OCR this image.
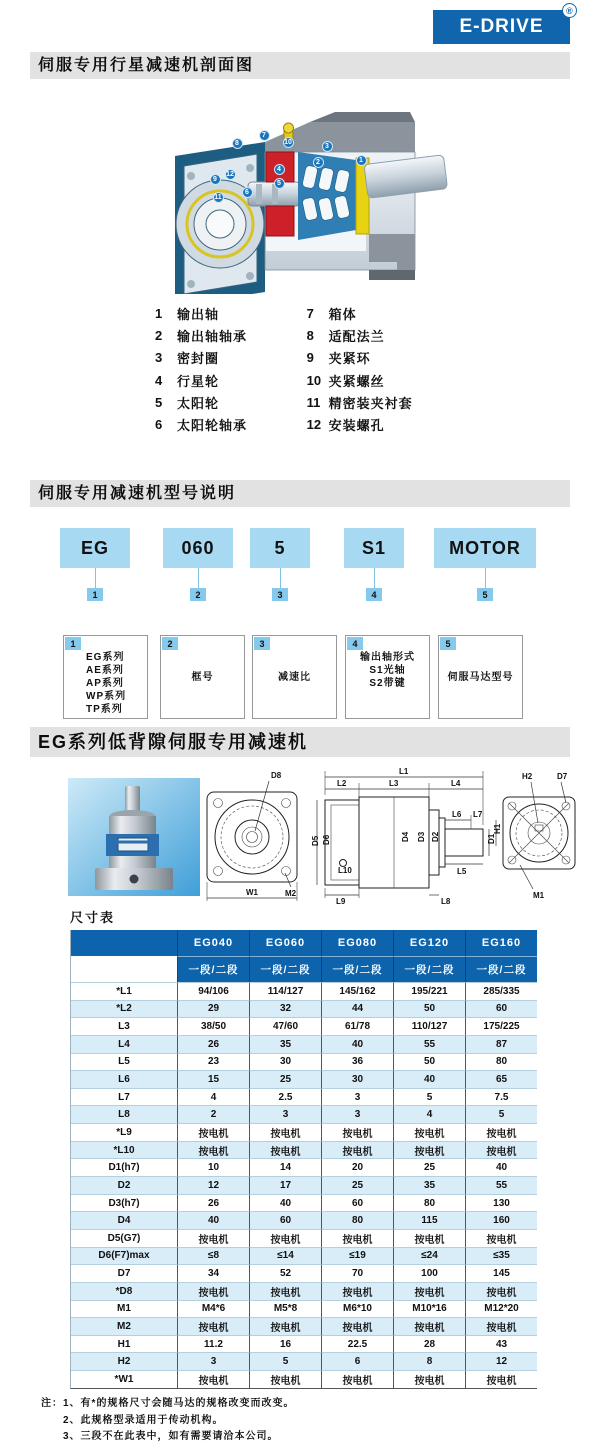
E-DRIVE
®
伺服专用行星减速机剖面图
1
2
3
4
5
6
7
8
9
10
11
12
1	输出轴
2	输出轴轴承
3	密封圈
4	行星轮
5	太阳轮
6	太阳轮轴承
7	箱体
8	适配法兰
9	夹紧环
10 夹紧螺丝
11 精密装夹衬套
12 安装螺孔
伺服专用减速机型号说明
EG
1
1
EG系列
AE系列
AP系列
WP系列
TP系列
060
2
2
框号
5
3
3
减速比
S1
4
4
输出轴形式
S1光轴
S2带键
MOTOR
5
5
伺服马达型号
EG系列低背隙伺服专用减速机
D8
M2
W1
L1
L2	L3	L4
D5 D6
L10
D4 D3 D2
L6 L7
L5
L9	L8
D1
H2	D7
H1
M1
尺寸表
EG040	EG060	EG080	EG120	EG160
一段/二段	一段/二段	一段/二段	一段/二段	一段/二段
*L1	94/106	114/127	145/162	195/221	285/335
*L2	29	32	44	50	60
L3	38/50	47/60	61/78	110/127	175/225
L4	26	35	40	55	87
L5	23	30	36	50	80
L6	15	25	30	40	65
L7	4	2.5	3	5	7.5
L8	2	3	3	4	5
*L9	按电机	按电机	按电机	按电机	按电机
*L10	按电机	按电机	按电机	按电机	按电机
D1(h7)	10	14	20	25	40
D2	12	17	25	35	55
D3(h7)	26	40	60	80	130
D4	40	60	80	115	160
D5(G7)	按电机	按电机	按电机	按电机	按电机
D6(F7)max	≤8	≤14	≤19	≤24	≤35
D7	34	52	70	100	145
*D8	按电机	按电机	按电机	按电机	按电机
M1	M4*6	M5*8	M6*10	M10*16	M12*20
M2	按电机	按电机	按电机	按电机	按电机
H1	11.2	16	22.5	28	43
H2	3	5	6	8	12
*W1	按电机	按电机	按电机	按电机	按电机
注： 1、有*的规格尺寸会随马达的规格改变而改变。
2、此规格型录适用于传动机构。
3、三段不在此表中，如有需要请洽本公司。
